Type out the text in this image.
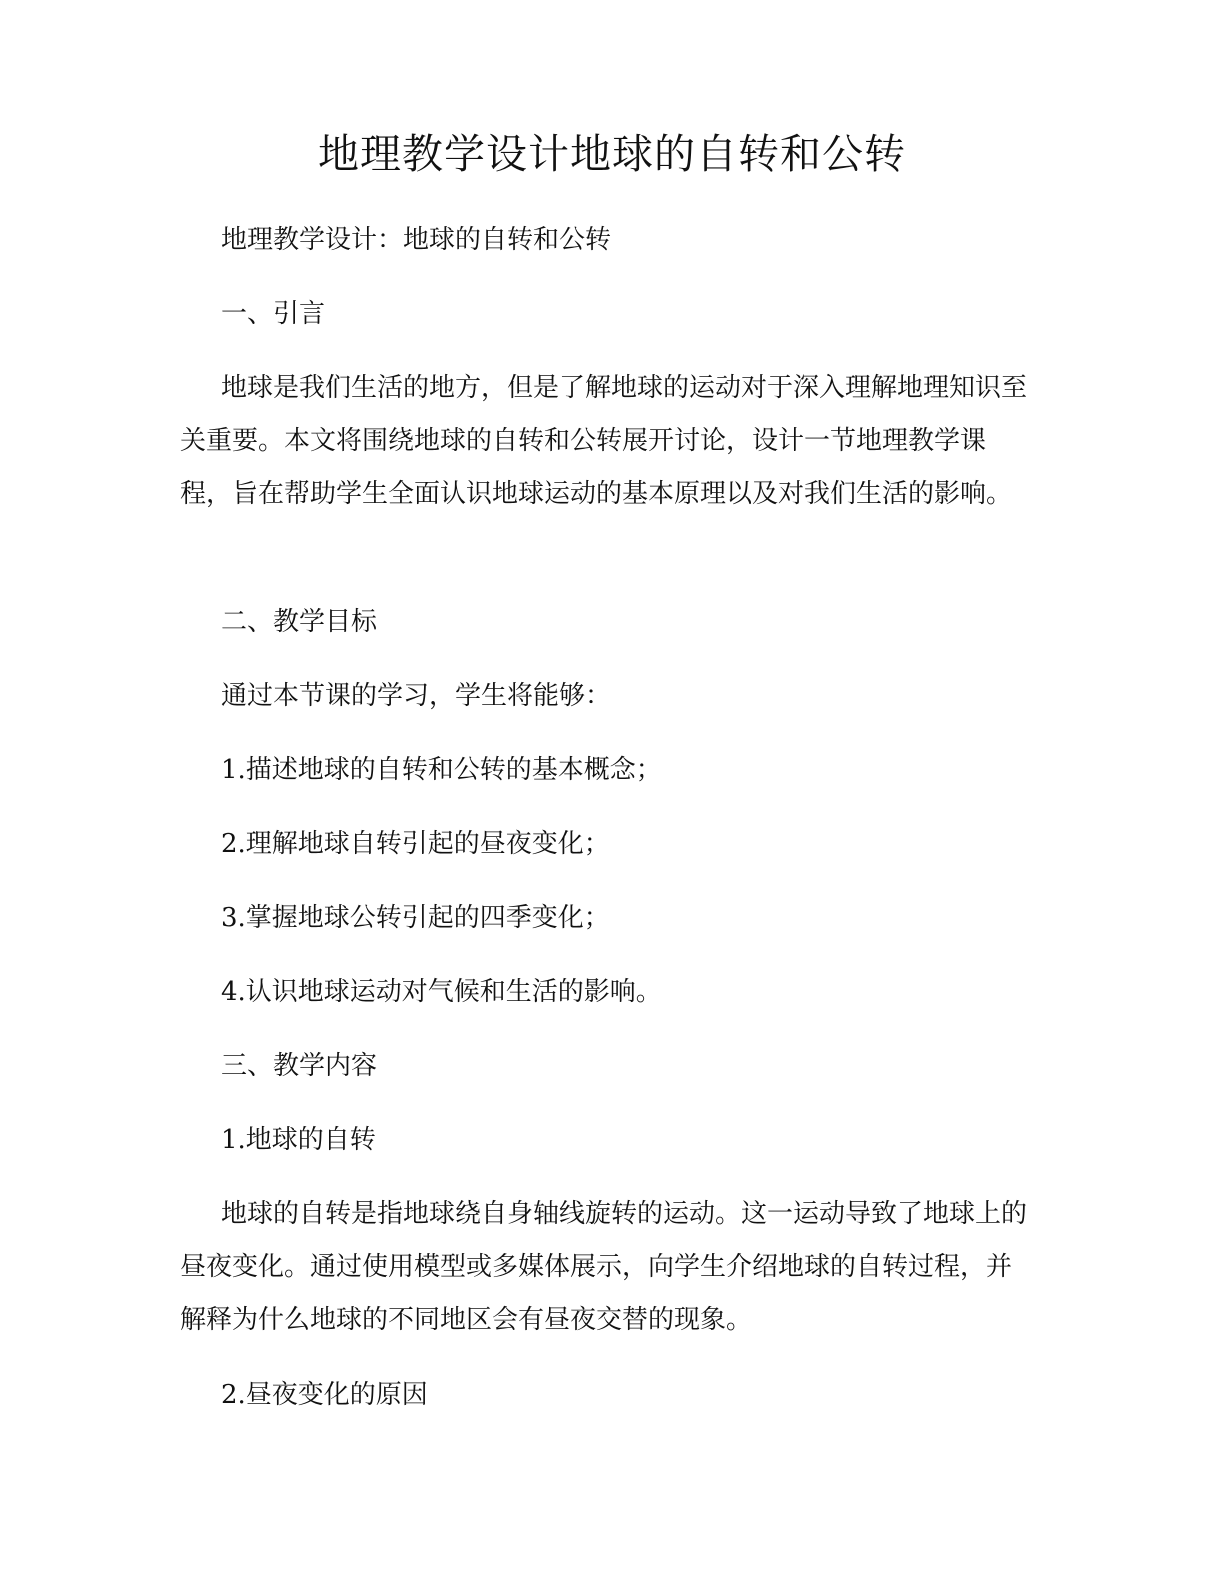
地理教学设计地球的自转和公转

地理教学设计：地球的自转和公转

一、引言

地球是我们生活的地方，但是了解地球的运动对于深入理解地理知识至关重要。本文将围绕地球的自转和公转展开讨论，设计一节地理教学课程，旨在帮助学生全面认识地球运动的基本原理以及对我们生活的影响。

二、教学目标

通过本节课的学习，学生将能够：

1.描述地球的自转和公转的基本概念；

2.理解地球自转引起的昼夜变化；

3.掌握地球公转引起的四季变化；

4.认识地球运动对气候和生活的影响。

三、教学内容

1.地球的自转

地球的自转是指地球绕自身轴线旋转的运动。这一运动导致了地球上的昼夜变化。通过使用模型或多媒体展示，向学生介绍地球的自转过程，并解释为什么地球的不同地区会有昼夜交替的现象。

2.昼夜变化的原因
